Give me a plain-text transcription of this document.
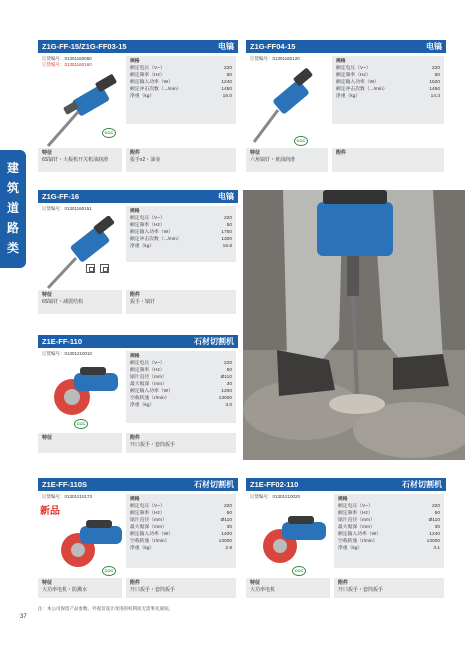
建
筑
道
路
类
Z1G-FF-15/Z1G-FF03-15	电镐
订货编号：01301160060
订货编号：01301160160
CCC
规格
额定电压（V~）	220
额定频率（Hz）	50
额定输入功率（W）	1240
额定冲击次数（.../min）	1450
净重（kg）	16.0
特征
6S镐钎・大板机开关机油润滑
附件
扳手x2・油壶
Z1G-FF04-15	电镐
订货编号：01301160120
CCC
规格
额定电压（V~）	220
额定频率（Hz）	50
额定输入功率（W）	1520
额定冲击次数（.../min）	1450
净重（kg）	14.3
特征
六角镐钎・黄油润滑
附件
Z1G-FF-16	电镐
订货编号：01301160151
规格
额定电压（V~）	220
额定频率（Hz）	50
额定输入功率（W）	1750
额定冲击次数（.../min）	1300
净重（kg）	16.8
特征
6S镐钎・减震结构
附件
扳手・镐钎
Z1E-FF-110	石材切割机
订货编号：01301210010
CCC
规格
额定电压（V~）	220
额定频率（Hz）	50
锯片直径（mm）	Ø110
最大锯深（mm）	30
额定输入功率（W）	1200
空载转速（r/min）	13000
净重（kg）	3.0
特征	附件
开口扳手・套筒扳手
Z1E-FF-110S	石材切割机
订货编号：01301210173
新品
CCC
规格
额定电压（V~）	220
额定频率（Hz）	50
锯片直径（mm）	Ø110
最大锯深（mm）	30
额定输入功率（W）	1400
空载转速（r/min）	13000
净重（kg）	2.9
特征
大功率电机・防溅水
附件
开口扳手・套筒扳手
Z1E-FF02-110	石材切割机
订货编号：01301210020
CCC
规格
额定电压（V~）	220
额定频率（Hz）	50
锯片直径（mm）	Ø110
最大锯深（mm）	30
额定输入功率（W）	1240
空载转速（r/min）	13000
净重（kg）	3.1
特征
大功率电机
附件
开口扳手・套筒扳手
注：本公司保留产品参数、外观及设计改进的权利而无需事先通知。
37
